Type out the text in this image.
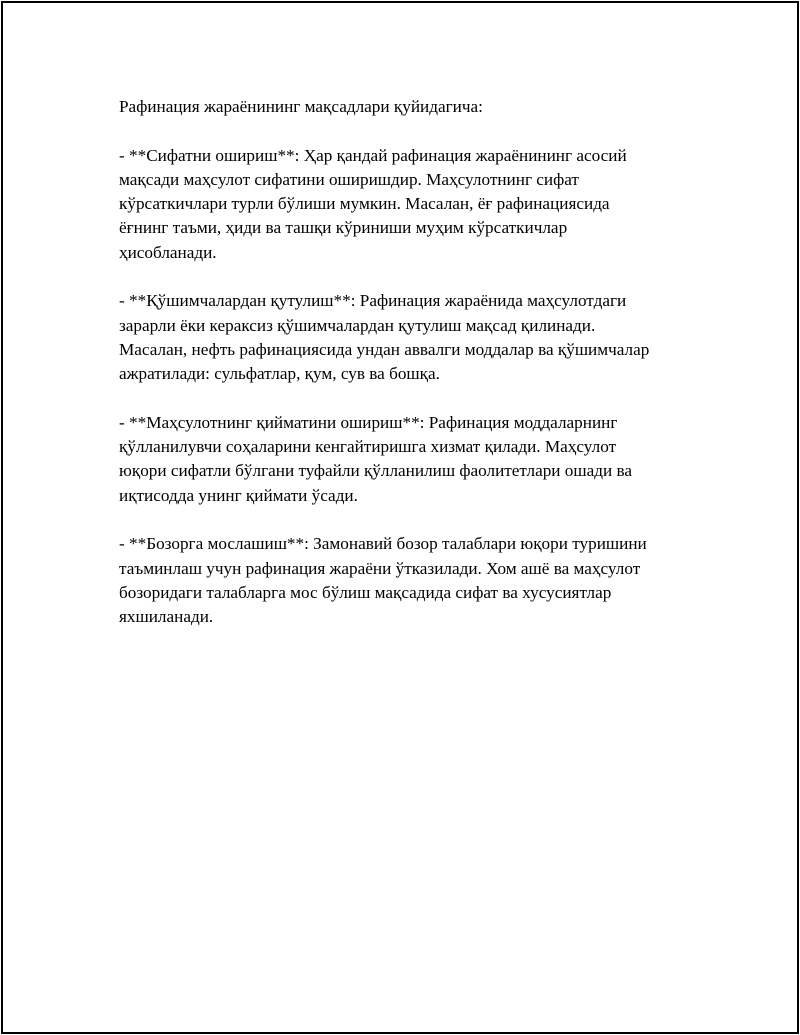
Рафинация жараёнининг мақсадлари қуйидагича:

- **Сифатни ошириш**: Ҳар қандай рафинация жараёнининг асосий
мақсади маҳсулот сифатини оширишдир. Маҳсулотнинг сифат
кўрсаткичлари турли бўлиши мумкин. Масалан, ёғ рафинациясида
ёғнинг таъми, ҳиди ва ташқи кўриниши муҳим кўрсаткичлар
ҳисобланади.
- **Қўшимчалардан қутулиш**: Рафинация жараёнида маҳсулотдаги
зарарли ёки кераксиз қўшимчалардан қутулиш мақсад қилинади.
Масалан, нефть рафинациясида ундан аввалги моддалар ва қўшимчалар
ажратилади: сульфатлар, қум, сув ва бошқа.
- **Маҳсулотнинг қийматини ошириш**: Рафинация моддаларнинг
қўлланилувчи соҳаларини кенгайтиришга хизмат қилади. Маҳсулот
юқори сифатли бўлгани туфайли қўлланилиш фаолитетлари ошади ва
иқтисодда унинг қиймати ўсади.
- **Бозорга мослашиш**: Замонавий бозор талаблари юқори туришини
таъминлаш учун рафинация жараёни ўтказилади. Хом ашё ва маҳсулот
бозоридаги талабларга мос бўлиш мақсадида сифат ва хусусиятлар
яхшиланади.
